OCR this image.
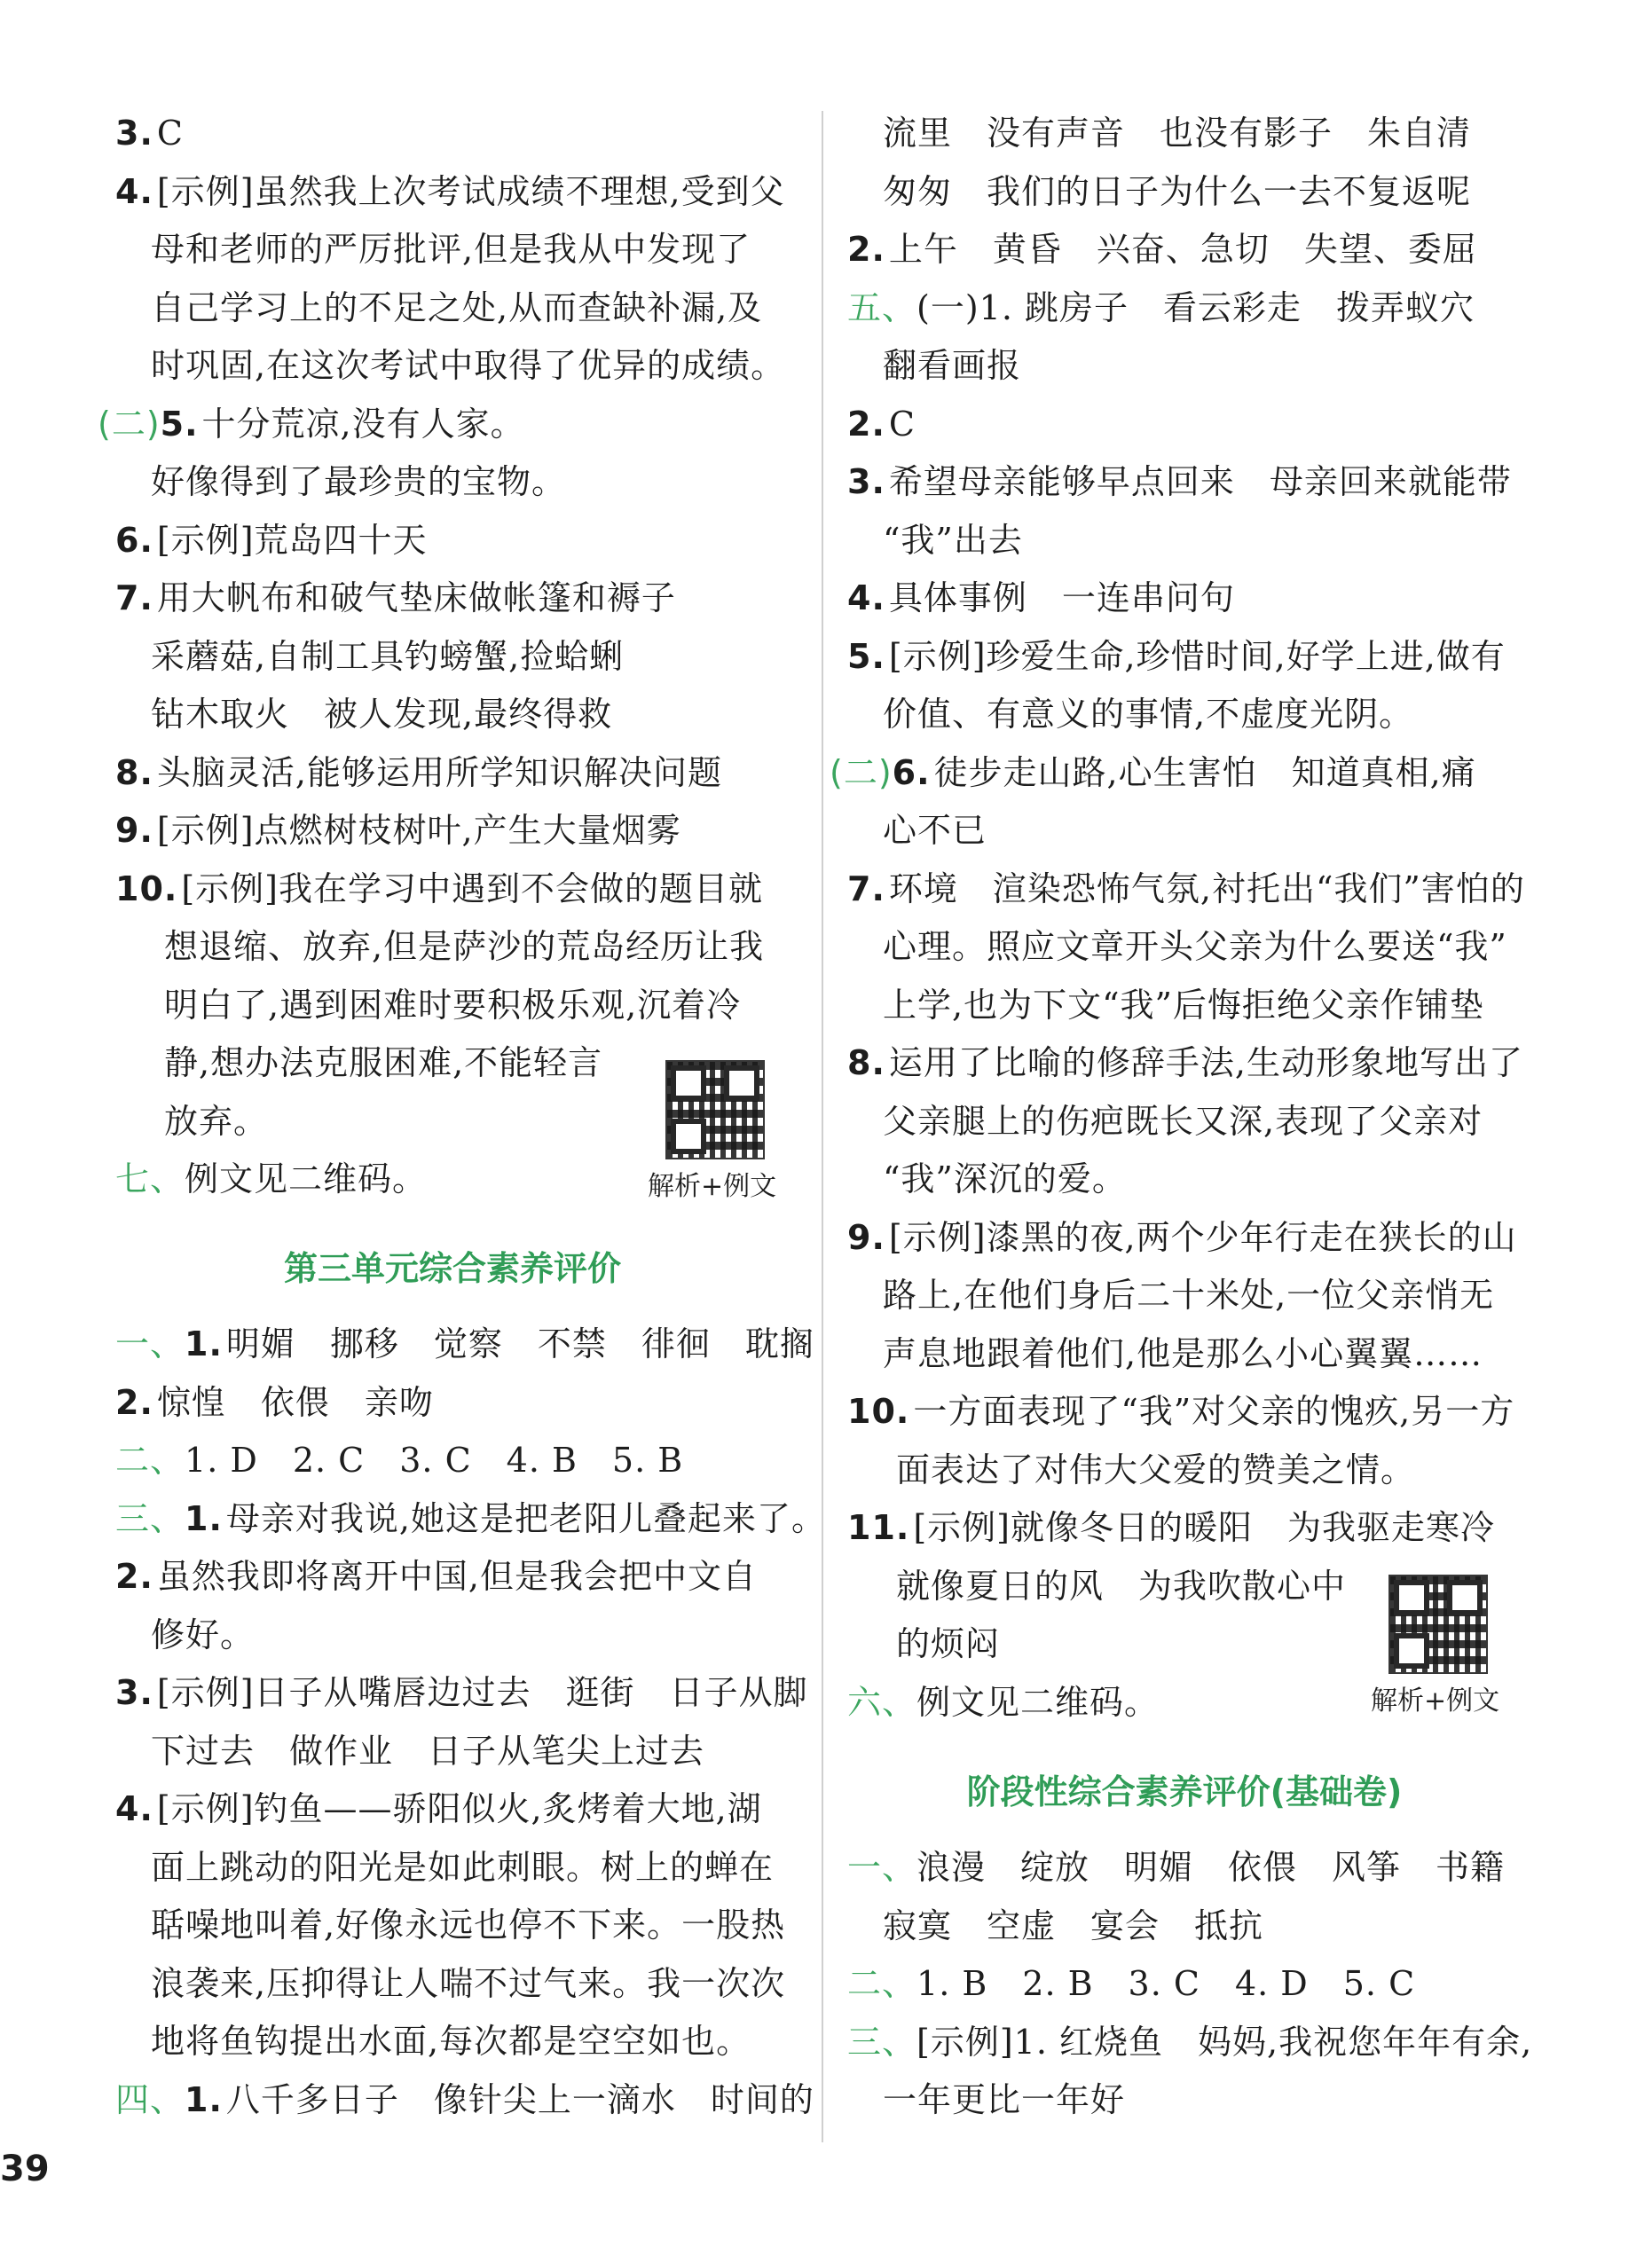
3. C
4. [示例]虽然我上次考试成绩不理想,受到父
母和老师的严厉批评,但是我从中发现了
自己学习上的不足之处,从而查缺补漏,及
时巩固,在这次考试中取得了优异的成绩。
(二)5. 十分荒凉,没有人家。
好像得到了最珍贵的宝物。
6. [示例]荒岛四十天
7. 用大帆布和破气垫床做帐篷和褥子
采蘑菇,自制工具钓螃蟹,捡蛤蜊
钻木取火　被人发现,最终得救
8. 头脑灵活,能够运用所学知识解决问题
9. [示例]点燃树枝树叶,产生大量烟雾
10. [示例]我在学习中遇到不会做的题目就
想退缩、放弃,但是萨沙的荒岛经历让我
明白了,遇到困难时要积极乐观,沉着冷
静,想办法克服困难,不能轻言
放弃。
七、例文见二维码。	解析+例文
第三单元综合素养评价
一、1. 明媚　挪移　觉察　不禁　徘徊　耽搁
2. 惊惶　依偎　亲吻
二、1. D　2. C　3. C　4. B　5. B
三、1. 母亲对我说,她这是把老阳儿叠起来了。
2. 虽然我即将离开中国,但是我会把中文自
修好。
3. [示例]日子从嘴唇边过去　逛街　日子从脚
下过去　做作业　日子从笔尖上过去
4. [示例]钓鱼——骄阳似火,炙烤着大地,湖
面上跳动的阳光是如此刺眼。树上的蝉在
聒噪地叫着,好像永远也停不下来。一股热
浪袭来,压抑得让人喘不过气来。我一次次
地将鱼钩提出水面,每次都是空空如也。
四、1. 八千多日子　像针尖上一滴水　时间的
流里　没有声音　也没有影子　朱自清
匆匆　我们的日子为什么一去不复返呢
2. 上午　黄昏　兴奋、急切　失望、委屈
五、(一)1. 跳房子　看云彩走　拨弄蚁穴
翻看画报
2. C
3. 希望母亲能够早点回来　母亲回来就能带
“我”出去
4. 具体事例　一连串问句
5. [示例]珍爱生命,珍惜时间,好学上进,做有
价值、有意义的事情,不虚度光阴。
(二)6. 徒步走山路,心生害怕　知道真相,痛
心不已
7. 环境　渲染恐怖气氛,衬托出“我们”害怕的
心理。照应文章开头父亲为什么要送“我”
上学,也为下文“我”后悔拒绝父亲作铺垫
8. 运用了比喻的修辞手法,生动形象地写出了
父亲腿上的伤疤既长又深,表现了父亲对
“我”深沉的爱。
9. [示例]漆黑的夜,两个少年行走在狭长的山
路上,在他们身后二十米处,一位父亲悄无
声息地跟着他们,他是那么小心翼翼……
10. 一方面表现了“我”对父亲的愧疚,另一方
面表达了对伟大父爱的赞美之情。
11. [示例]就像冬日的暖阳　为我驱走寒冷
就像夏日的风　为我吹散心中
的烦闷
六、例文见二维码。	解析+例文
阶段性综合素养评价(基础卷)
一、浪漫　绽放　明媚　依偎　风筝　书籍
寂寞　空虚　宴会　抵抗
二、1. B　2. B　3. C　4. D　5. C
三、[示例]1. 红烧鱼　妈妈,我祝您年年有余,
一年更比一年好
39
